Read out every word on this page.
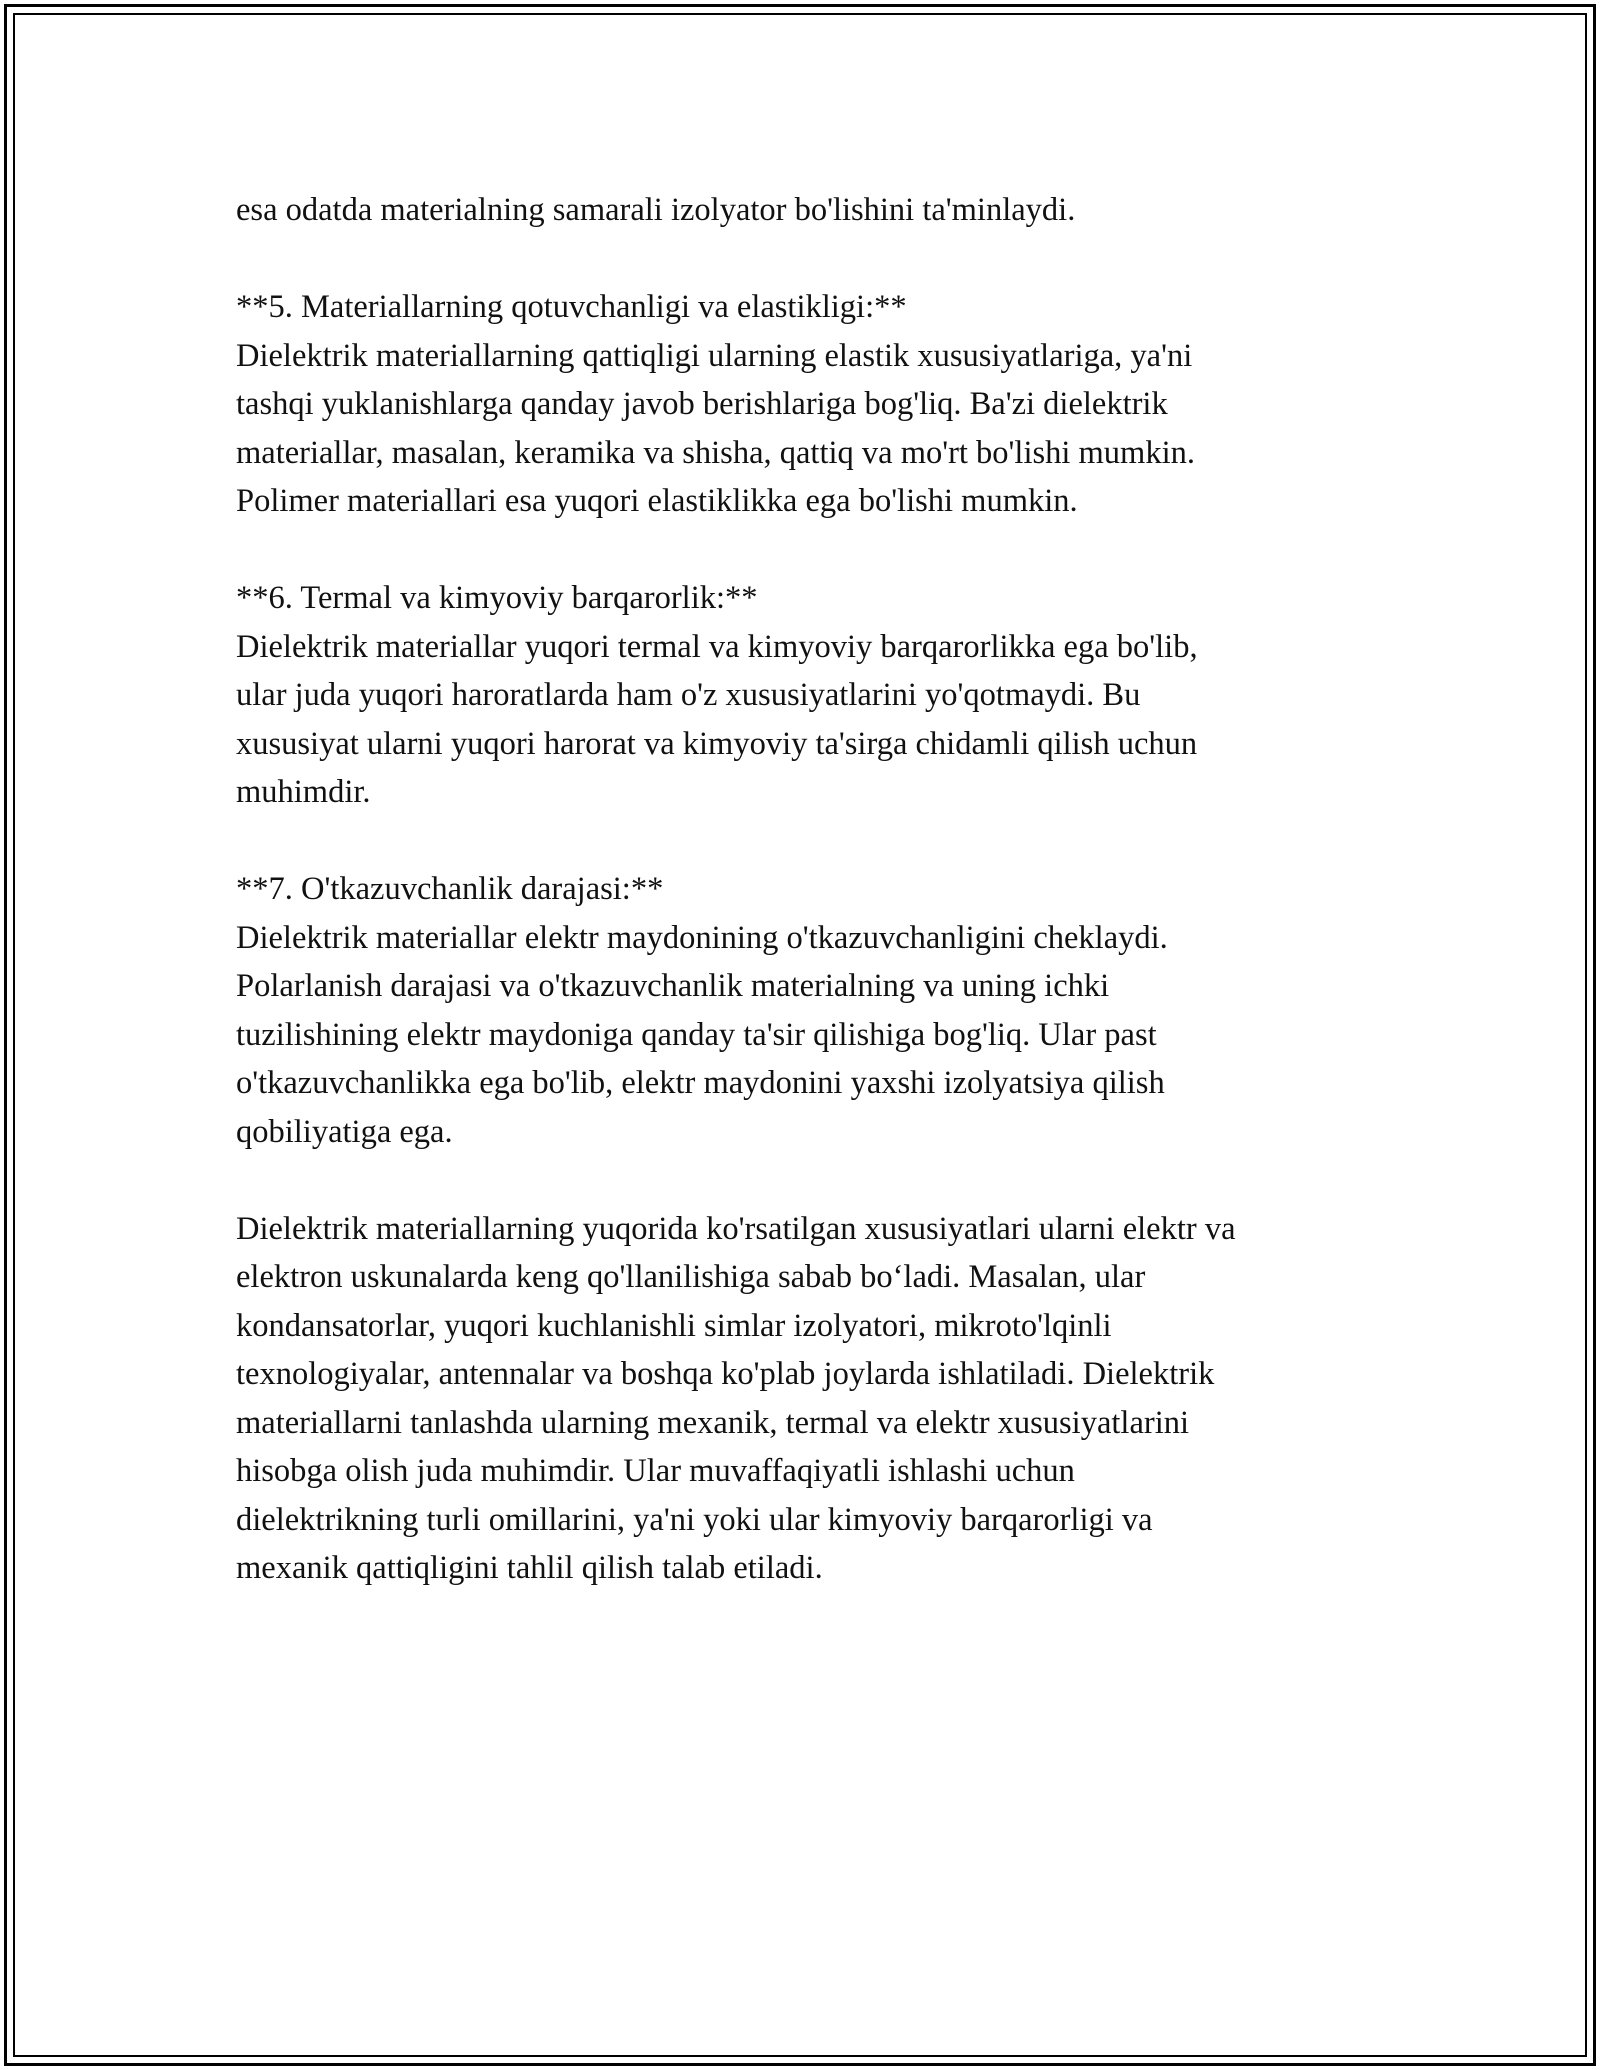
esa odatda materialning samarali izolyator bo'lishini ta'minlaydi.
**5. Materiallarning qotuvchanligi va elastikligi:**
Dielektrik materiallarning qattiqligi ularning elastik xususiyatlariga, ya'ni
tashqi yuklanishlarga qanday javob berishlariga bog'liq. Ba'zi dielektrik
materiallar, masalan, keramika va shisha, qattiq va mo'rt bo'lishi mumkin.
Polimer materiallari esa yuqori elastiklikka ega bo'lishi mumkin.
**6. Termal va kimyoviy barqarorlik:**
Dielektrik materiallar yuqori termal va kimyoviy barqarorlikka ega bo'lib,
ular juda yuqori haroratlarda ham o'z xususiyatlarini yo'qotmaydi. Bu
xususiyat ularni yuqori harorat va kimyoviy ta'sirga chidamli qilish uchun
muhimdir.
**7. O'tkazuvchanlik darajasi:**
Dielektrik materiallar elektr maydonining o'tkazuvchanligini cheklaydi.
Polarlanish darajasi va o'tkazuvchanlik materialning va uning ichki
tuzilishining elektr maydoniga qanday ta'sir qilishiga bog'liq. Ular past
o'tkazuvchanlikka ega bo'lib, elektr maydonini yaxshi izolyatsiya qilish
qobiliyatiga ega.
Dielektrik materiallarning yuqorida ko'rsatilgan xususiyatlari ularni elektr va
elektron uskunalarda keng qo'llanilishiga sabab bo‘ladi. Masalan, ular
kondansatorlar, yuqori kuchlanishli simlar izolyatori, mikroto'lqinli
texnologiyalar, antennalar va boshqa ko'plab joylarda ishlatiladi. Dielektrik
materiallarni tanlashda ularning mexanik, termal va elektr xususiyatlarini
hisobga olish juda muhimdir. Ular muvaffaqiyatli ishlashi uchun
dielektrikning turli omillarini, ya'ni yoki ular kimyoviy barqarorligi va
mexanik qattiqligini tahlil qilish talab etiladi.
